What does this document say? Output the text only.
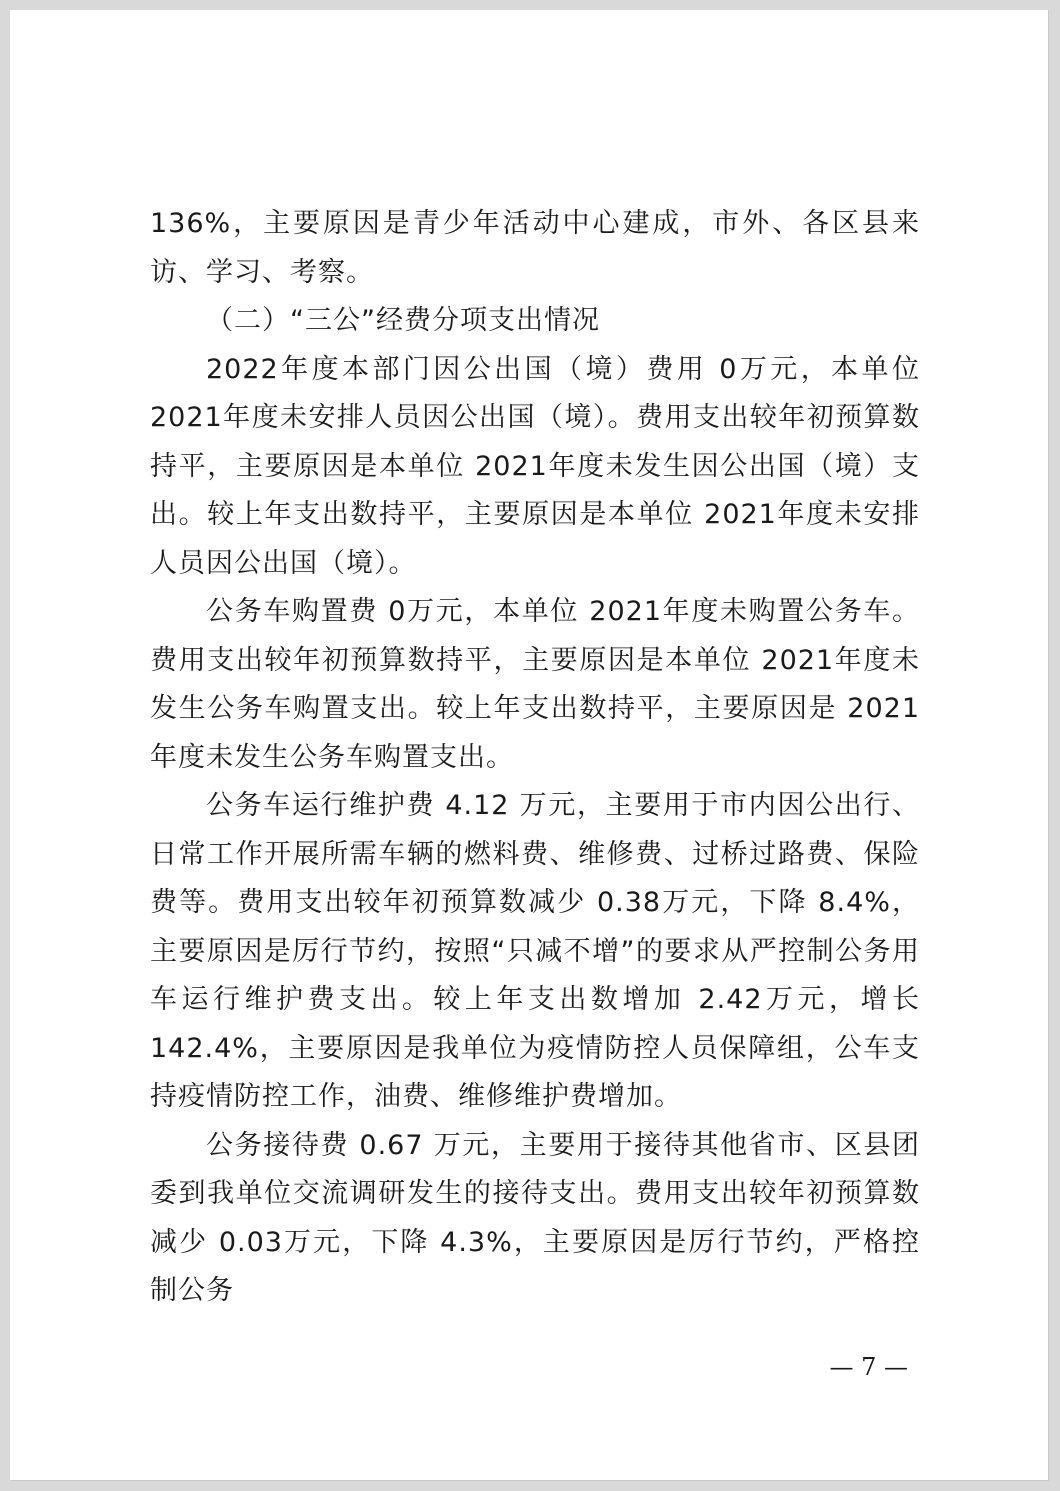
136%，主要原因是青少年活动中心建成，市外、各区县来访、学习、考察。

（二）“三公”经费分项支出情况

2022年度本部门因公出国（境）费用 0万元，本单位 2021年度未安排人员因公出国（境）。费用支出较年初预算数持平，主要原因是本单位 2021年度未发生因公出国（境）支出。较上年支出数持平，主要原因是本单位 2021年度未安排人员因公出国（境）。

公务车购置费 0万元，本单位 2021年度未购置公务车。费用支出较年初预算数持平，主要原因是本单位 2021年度未发生公务车购置支出。较上年支出数持平，主要原因是 2021年度未发生公务车购置支出。

公务车运行维护费 4.12 万元，主要用于市内因公出行、日常工作开展所需车辆的燃料费、维修费、过桥过路费、保险费等。费用支出较年初预算数减少 0.38万元，下降 8.4%，主要原因是厉行节约，按照“只减不增”的要求从严控制公务用车运行维护费支出。较上年支出数增加 2.42万元，增长 142.4%，主要原因是我单位为疫情防控人员保障组，公车支持疫情防控工作，油费、维修维护费增加。

公务接待费 0.67 万元，主要用于接待其他省市、区县团委到我单位交流调研发生的接待支出。费用支出较年初预算数减少 0.03万元，下降 4.3%，主要原因是厉行节约，严格控制公务

— 7 —
